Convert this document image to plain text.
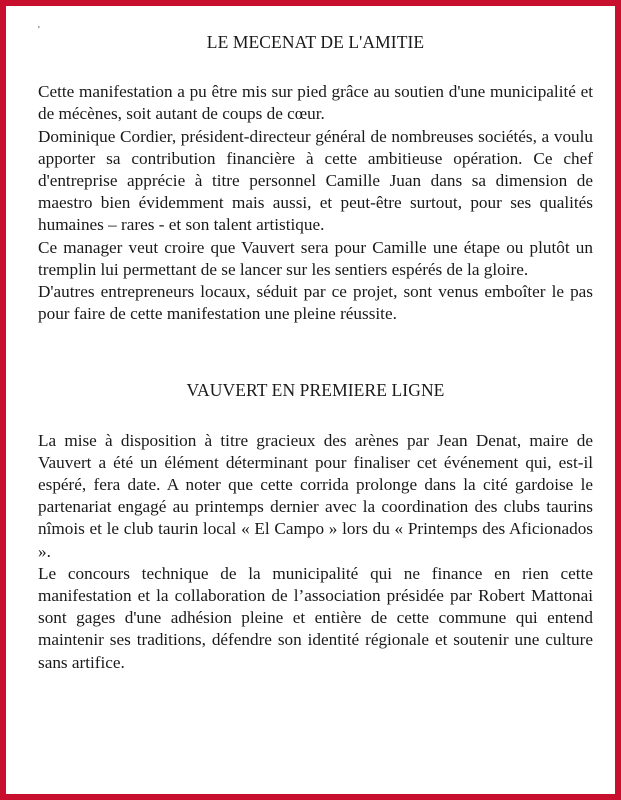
'
LE MECENAT DE L'AMITIE

Cette manifestation a pu être mis sur pied grâce au soutien d'une municipalité et de mécènes, soit autant de coups de cœur.

Dominique Cordier, président-directeur général de nombreuses sociétés, a voulu apporter sa contribution financière à cette ambitieuse opération. Ce chef d'entreprise apprécie à titre personnel Camille Juan dans sa dimension de maestro bien évidemment mais aussi, et peut-être surtout, pour ses qualités humaines – rares - et son talent artistique.

Ce manager veut croire que Vauvert sera pour Camille une étape ou plutôt un tremplin lui permettant de se lancer sur les sentiers espérés de la gloire.

D'autres entrepreneurs locaux, séduit par ce projet, sont venus emboîter le pas pour faire de cette manifestation une pleine réussite.

VAUVERT EN PREMIERE LIGNE

La mise à disposition à titre gracieux des arènes par Jean Denat, maire de Vauvert a été un élément déterminant pour finaliser cet événement qui, est-il espéré, fera date. A noter que cette corrida prolonge dans la cité gardoise le partenariat engagé au printemps dernier avec la coordination des clubs taurins nîmois et le club taurin local « El Campo » lors du « Printemps des Aficionados ».

Le concours technique de la municipalité qui ne finance en rien cette manifestation et la collaboration de l’association présidée par Robert Mattonai sont gages d'une adhésion pleine et entière de cette commune qui entend maintenir ses traditions, défendre son identité régionale et soutenir une culture sans artifice.
